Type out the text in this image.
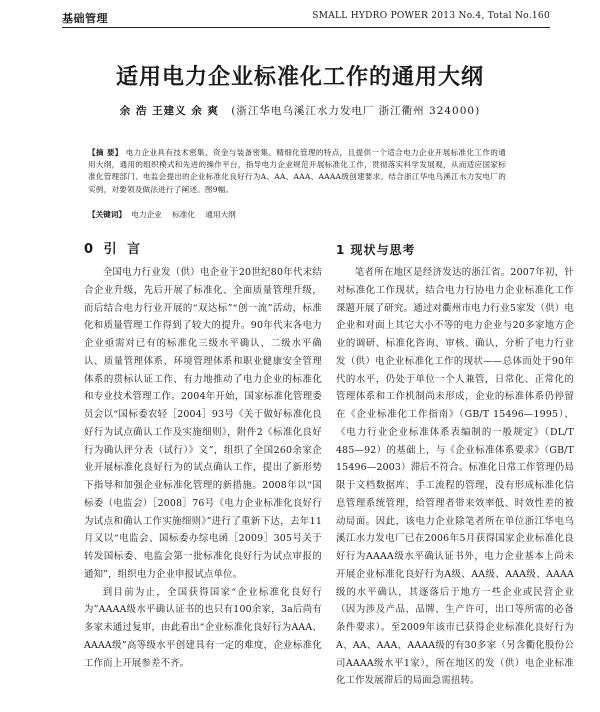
基础管理	SMALL HYDRO POWER 2013 No.4, Total No.160
适用电力企业标准化工作的通用大纲
余 浩 王建义 余 爽 (浙江华电乌溪江水力发电厂 浙江衢州 324000)
【摘 要】 电力企业具有技术密集、资金与装备密集、精细化管理的特点，且提供一个适合电力企业开展标准化工作的通用大纲，通用的组织模式和先进的操作平台，指导电力企业规范开展标准化工作，贯彻落实科学发展观，从而适应国家标准化管理部门、电监会提出的企业标准化良好行为A、AA、AAA、AAAA级创建要求。结合浙江华电乌溪江水力发电厂的实例，对要领及做法进行了阐述。图9幅。
【关键词】 电力企业 标准化 通用大纲
0 引 言

全国电力行业发（供）电企业于20世纪80年代末结合企业升级，先后开展了标准化、全面质量管理升级，而后结合电力行业开展的“双达标”“创一流”活动，标准化和质量管理工作得到了较大的提升。90年代末各电力企业亟需对已有的标准化三级水平确认、二级水平确认、质量管理体系、环境管理体系和职业健康安全管理体系的贯标认证工作、有力地推动了电力企业的标准化和专业技术管理工作。2004年开始，国家标准化管理委员会以“国标委农轻［2004］93号《关于做好标准化良好行为试点确认工作及实施细则》，附件2《标准化良好行为确认评分表（试行）》文”，组织了全国260余家企业开展标准化良好行为的试点确认工作，提出了新形势下指导和加强企业标准化管理的新措施。2008年以“国标委（电监会）［2008］76号《电力企业标准化良好行为试点和确认工作实施细则》”进行了重新下达，去年11月又以“电监会、国标委办综电函［2009］305号关于转发国标委、电监会第一批标准化良好行为试点审报的通知”，组织电力企业申报试点单位。

到目前为止，全国获得国家“企业标准化良好行为”AAAA级水平确认证书的也只有100余家，3a后尚有多家未通过复审，由此看出“企业标准化良好行为AAA、AAAA级”高等级水平创建具有一定的难度，企业标准化工作而上开展参差不齐。

1 现状与思考

笔者所在地区是经济发达的浙江省。2007年初，针对标准化工作现状，结合电力行协电力企业标准化工作课题开展了研究。通过对衢州市电力行业5家发（供）电企业和对面上其它大小不等的电力企业与20多家地方企业的调研、标准化咨询、审核、确认，分析了电力行业发（供）电企业标准化工作的现状——总体而处于90年代的水平，仍处于单位一个人兼管，日常化、正常化的管理体系和工作机制尚未形成，企业的标准体系仍停留在《企业标准化工作指南》（GB/T 15496—1995）、《电力行业企业标准体系表编制的一般规定》（DL/T 485—92）的基础上，与《企业标准体系要求》（GB/T 15496—2003）滞后不符合。标准化日常工作管理仍局限于文档数据库、手工流程的管理，没有形成标准化信息管理系统管理，给管理者带来效率低、时效性差的被动局面。因此，该电力企业除笔者所在单位浙江华电乌溪江水力发电厂已在2006年5月获得国家企业标准化良好行为AAAA级水平确认证书外，电力企业基本上尚未开展企业标准化良好行为A级、AA级、AAA级、AAAA级的水平确认，其逐落后于地方一些企业或民营企业（因为涉及产品、品牌、生产许可，出口等所需的必备条件要求）。至2009年该市已获得企业标准化良好行为A、AA、AAA、AAAA级的有30多家（另含衢化股份公司AAAA级水平1家），所在地区的发（供）电企业标准化工作发展滞后的局面急需扭转。
